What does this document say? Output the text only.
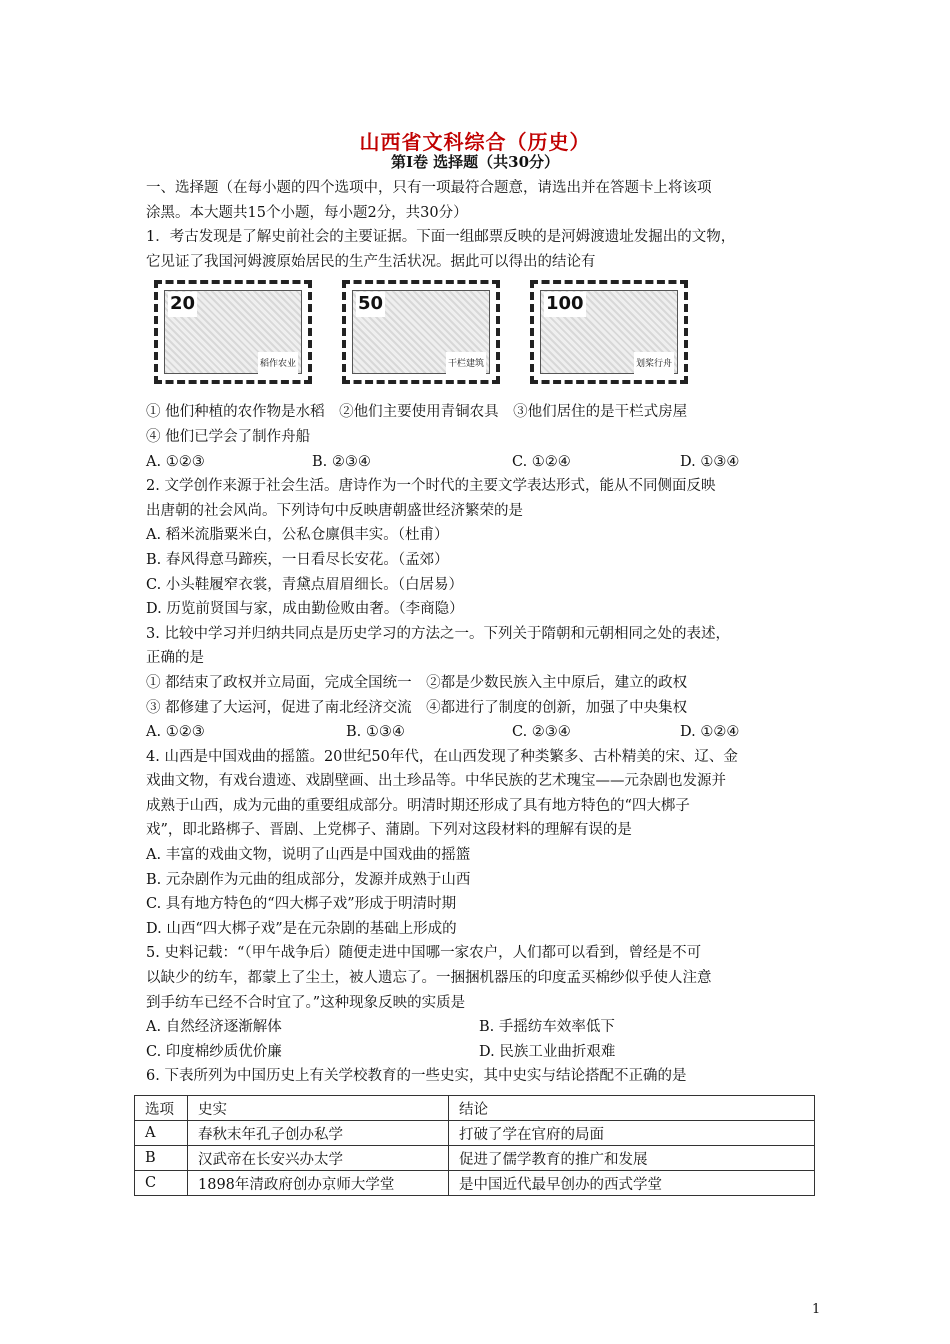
山西省文科综合（历史）
第Ⅰ卷 选择题（共30分）
一、选择题（在每小题的四个选项中，只有一项最符合题意，请选出并在答题卡上将该项
涂黑。本大题共15个小题，每小题2分，共30分）
1．考古发现是了解史前社会的主要证据。下面一组邮票反映的是河姆渡遗址发掘出的文物，
它见证了我国河姆渡原始居民的生产生活状况。据此可以得出的结论有
20
稻作农业
50
干栏建筑
100
划桨行舟
① 他们种植的农作物是水稻　②他们主要使用青铜农具　③他们居住的是干栏式房屋
④ 他们已学会了制作舟船
A. ①②③	B. ②③④	C. ①②④	D. ①③④
2. 文学创作来源于社会生活。唐诗作为一个时代的主要文学表达形式，能从不同侧面反映
出唐朝的社会风尚。下列诗句中反映唐朝盛世经济繁荣的是
A. 稻米流脂粟米白，公私仓廪俱丰实。（杜甫）
B. 春风得意马蹄疾，一日看尽长安花。（孟郊）
C. 小头鞋履窄衣裳，青黛点眉眉细长。（白居易）
D. 历览前贤国与家，成由勤俭败由奢。（李商隐）
3. 比较中学习并归纳共同点是历史学习的方法之一。下列关于隋朝和元朝相同之处的表述，
正确的是
① 都结束了政权并立局面，完成全国统一　②都是少数民族入主中原后，建立的政权
③ 都修建了大运河，促进了南北经济交流　④都进行了制度的创新，加强了中央集权
A. ①②③	B. ①③④	C. ②③④	D. ①②④
4. 山西是中国戏曲的摇篮。20世纪50年代，在山西发现了种类繁多、古朴精美的宋、辽、金
戏曲文物，有戏台遗迹、戏剧壁画、出土珍品等。中华民族的艺术瑰宝——元杂剧也发源并
成熟于山西，成为元曲的重要组成部分。明清时期还形成了具有地方特色的“四大梆子
戏”，即北路梆子、晋剧、上党梆子、蒲剧。下列对这段材料的理解有误的是
A. 丰富的戏曲文物，说明了山西是中国戏曲的摇篮
B. 元杂剧作为元曲的组成部分，发源并成熟于山西
C. 具有地方特色的“四大梆子戏”形成于明清时期
D. 山西“四大梆子戏”是在元杂剧的基础上形成的
5. 史料记载：“（甲午战争后）随便走进中国哪一家农户，人们都可以看到，曾经是不可
以缺少的纺车，都蒙上了尘土，被人遗忘了。一捆捆机器压的印度孟买棉纱似乎使人注意
到手纺车已经不合时宜了。”这种现象反映的实质是
A. 自然经济逐渐解体	B. 手摇纺车效率低下
C. 印度棉纱质优价廉	D. 民族工业曲折艰难
6. 下表所列为中国历史上有关学校教育的一些史实，其中史实与结论搭配不正确的是
选项	史实	结论
A	春秋末年孔子创办私学	打破了学在官府的局面
B	汉武帝在长安兴办太学	促进了儒学教育的推广和发展
C	1898年清政府创办京师大学堂	是中国近代最早创办的西式学堂
1
